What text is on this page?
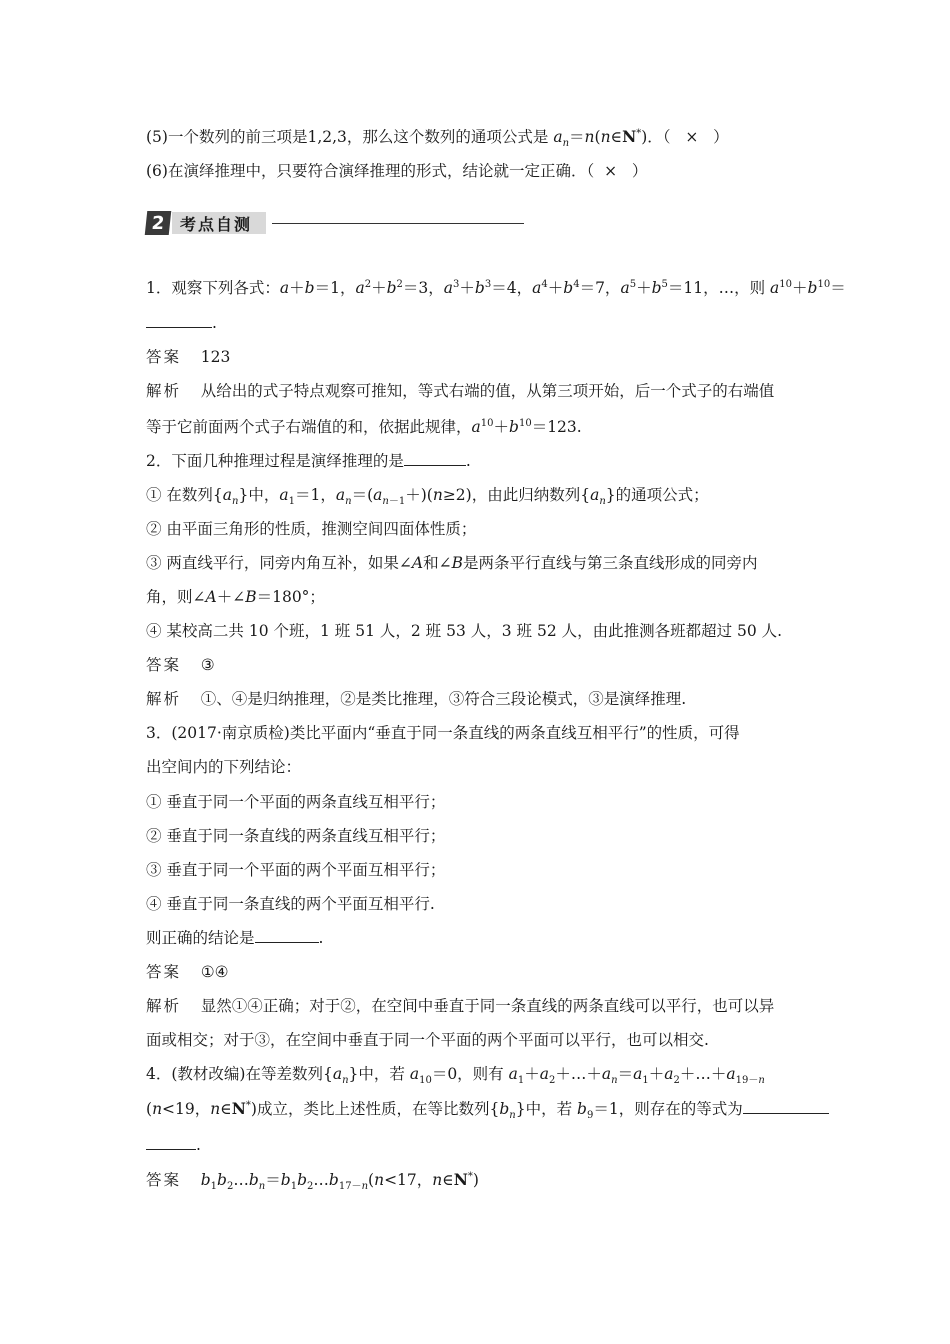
(5)一个数列的前三项是1,2,3，那么这个数列的通项公式是 $a_n=n(n\in N^*)$．（   ×   ）
(6)在演绎推理中，只要符合演绎推理的形式，结论就一定正确．（ ×   ）
2 考点自测
1．观察下列各式：a＋b＝1，$a^2+b^2=3$，$a^3+b^3=4$，$a^4+b^4=7$，$a^5+b^5=11$，…，则 $a^{10}+b^{10}=$
.
答案 123
解析 从给出的式子特点观察可推知，等式右端的值，从第三项开始，后一个式子的右端值
等于它前面两个式子右端值的和，依据此规律，$a^{10}+b^{10}=123$.
2．下面几种推理过程是演绎推理的是	.
① 在数列$\{a_n\}$中，$a_1=1$，$a_n=(a_{n-1}+)(n\ge 2)$，由此归纳数列$\{a_n\}$的通项公式；
② 由平面三角形的性质，推测空间四面体性质；
③ 两直线平行，同旁内角互补，如果∠A和∠B是两条平行直线与第三条直线形成的同旁内
角，则∠A＋∠B＝180°；
④ 某校高二共 10 个班，1 班 51 人，2 班 53 人，3 班 52 人，由此推测各班都超过 50 人.
答案 ③
解析 ①、④是归纳推理，②是类比推理，③符合三段论模式，③是演绎推理.
3．(2017·南京质检)类比平面内“垂直于同一条直线的两条直线互相平行”的性质，可得
出空间内的下列结论：
① 垂直于同一个平面的两条直线互相平行；
② 垂直于同一条直线的两条直线互相平行；
③ 垂直于同一个平面的两个平面互相平行；
④ 垂直于同一条直线的两个平面互相平行.
则正确的结论是	.
答案 ①④
解析 显然①④正确；对于②，在空间中垂直于同一条直线的两条直线可以平行，也可以异
面或相交；对于③，在空间中垂直于同一个平面的两个平面可以平行，也可以相交.
4．(教材改编)在等差数列$\{a_n\}$中，若 $a_{10}=0$，则有 $a_1+a_2+\dots+a_n=a_1+a_2+\dots+a_{19-n}$
(n<19，n∈N*)成立，类比上述性质，在等比数列$\{b_n\}$中，若 $b_9=1$，则存在的等式为
.
答案 $b_1b_2\dots b_n=b_1b_2\dots b_{17-n}(n<17$，n∈N*)
